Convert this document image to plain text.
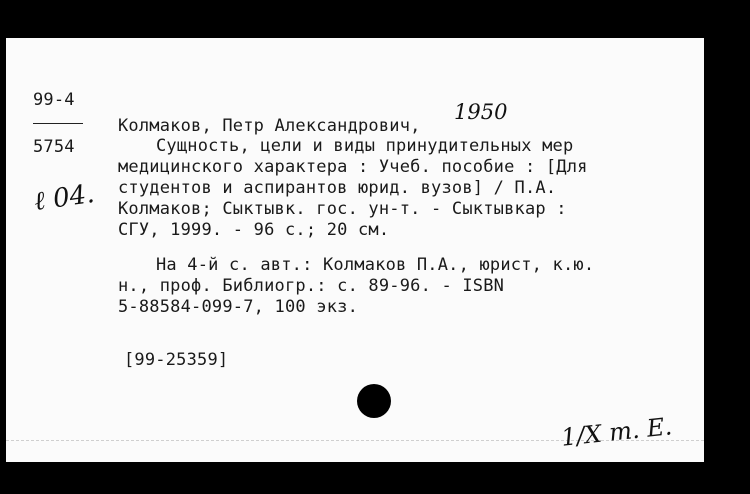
99-4
5754
ℓ 04.
Колмаков, Петр Александрович,
1950
Сущность, цели и виды принудительных мер
медицинского характера : Учеб. пособие : [Для
студентов и аспирантов юрид. вузов] / П.А.
Колмаков; Сыктывк. гос. ун-т. - Сыктывкар :
СГУ, 1999. - 96 с.; 20 см.
На 4-й с. авт.: Колмаков П.А., юрист, к.ю.
н., проф. Библиогр.: с. 89-96. - ISBN
5-88584-099-7, 100 экз.
[99-25359]
1/X т. Е.
